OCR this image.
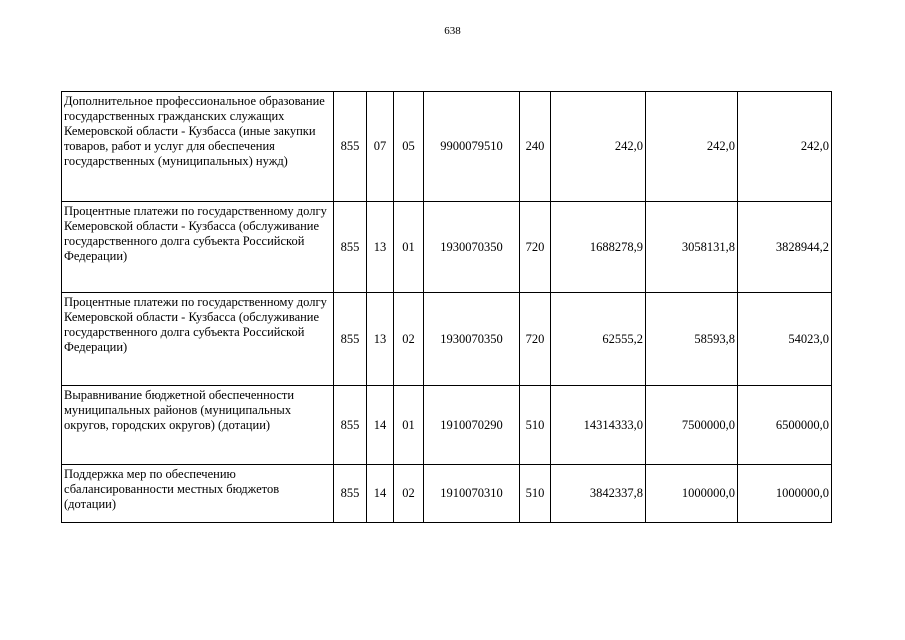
638
Дополнительное профессиональное образование государственных гражданских служащих Кемеровской области - Кузбасса (иные закупки товаров, работ и услуг для обеспечения государственных (муниципальных) нужд)	855	07	05	9900079510	240	242,0	242,0	242,0
Процентные платежи по государственному долгу Кемеровской области - Кузбасса (обслуживание государственного долга субъекта Российской Федерации)	855	13	01	1930070350	720	1688278,9	3058131,8	3828944,2
Процентные платежи по государственному долгу Кемеровской области - Кузбасса (обслуживание государственного долга субъекта Российской Федерации)	855	13	02	1930070350	720	62555,2	58593,8	54023,0
Выравнивание бюджетной обеспеченности муниципальных районов (муниципальных округов, городских округов) (дотации)	855	14	01	1910070290	510	14314333,0	7500000,0	6500000,0
Поддержка мер по обеспечению сбалансированности местных бюджетов (дотации)	855	14	02	1910070310	510	3842337,8	1000000,0	1000000,0
